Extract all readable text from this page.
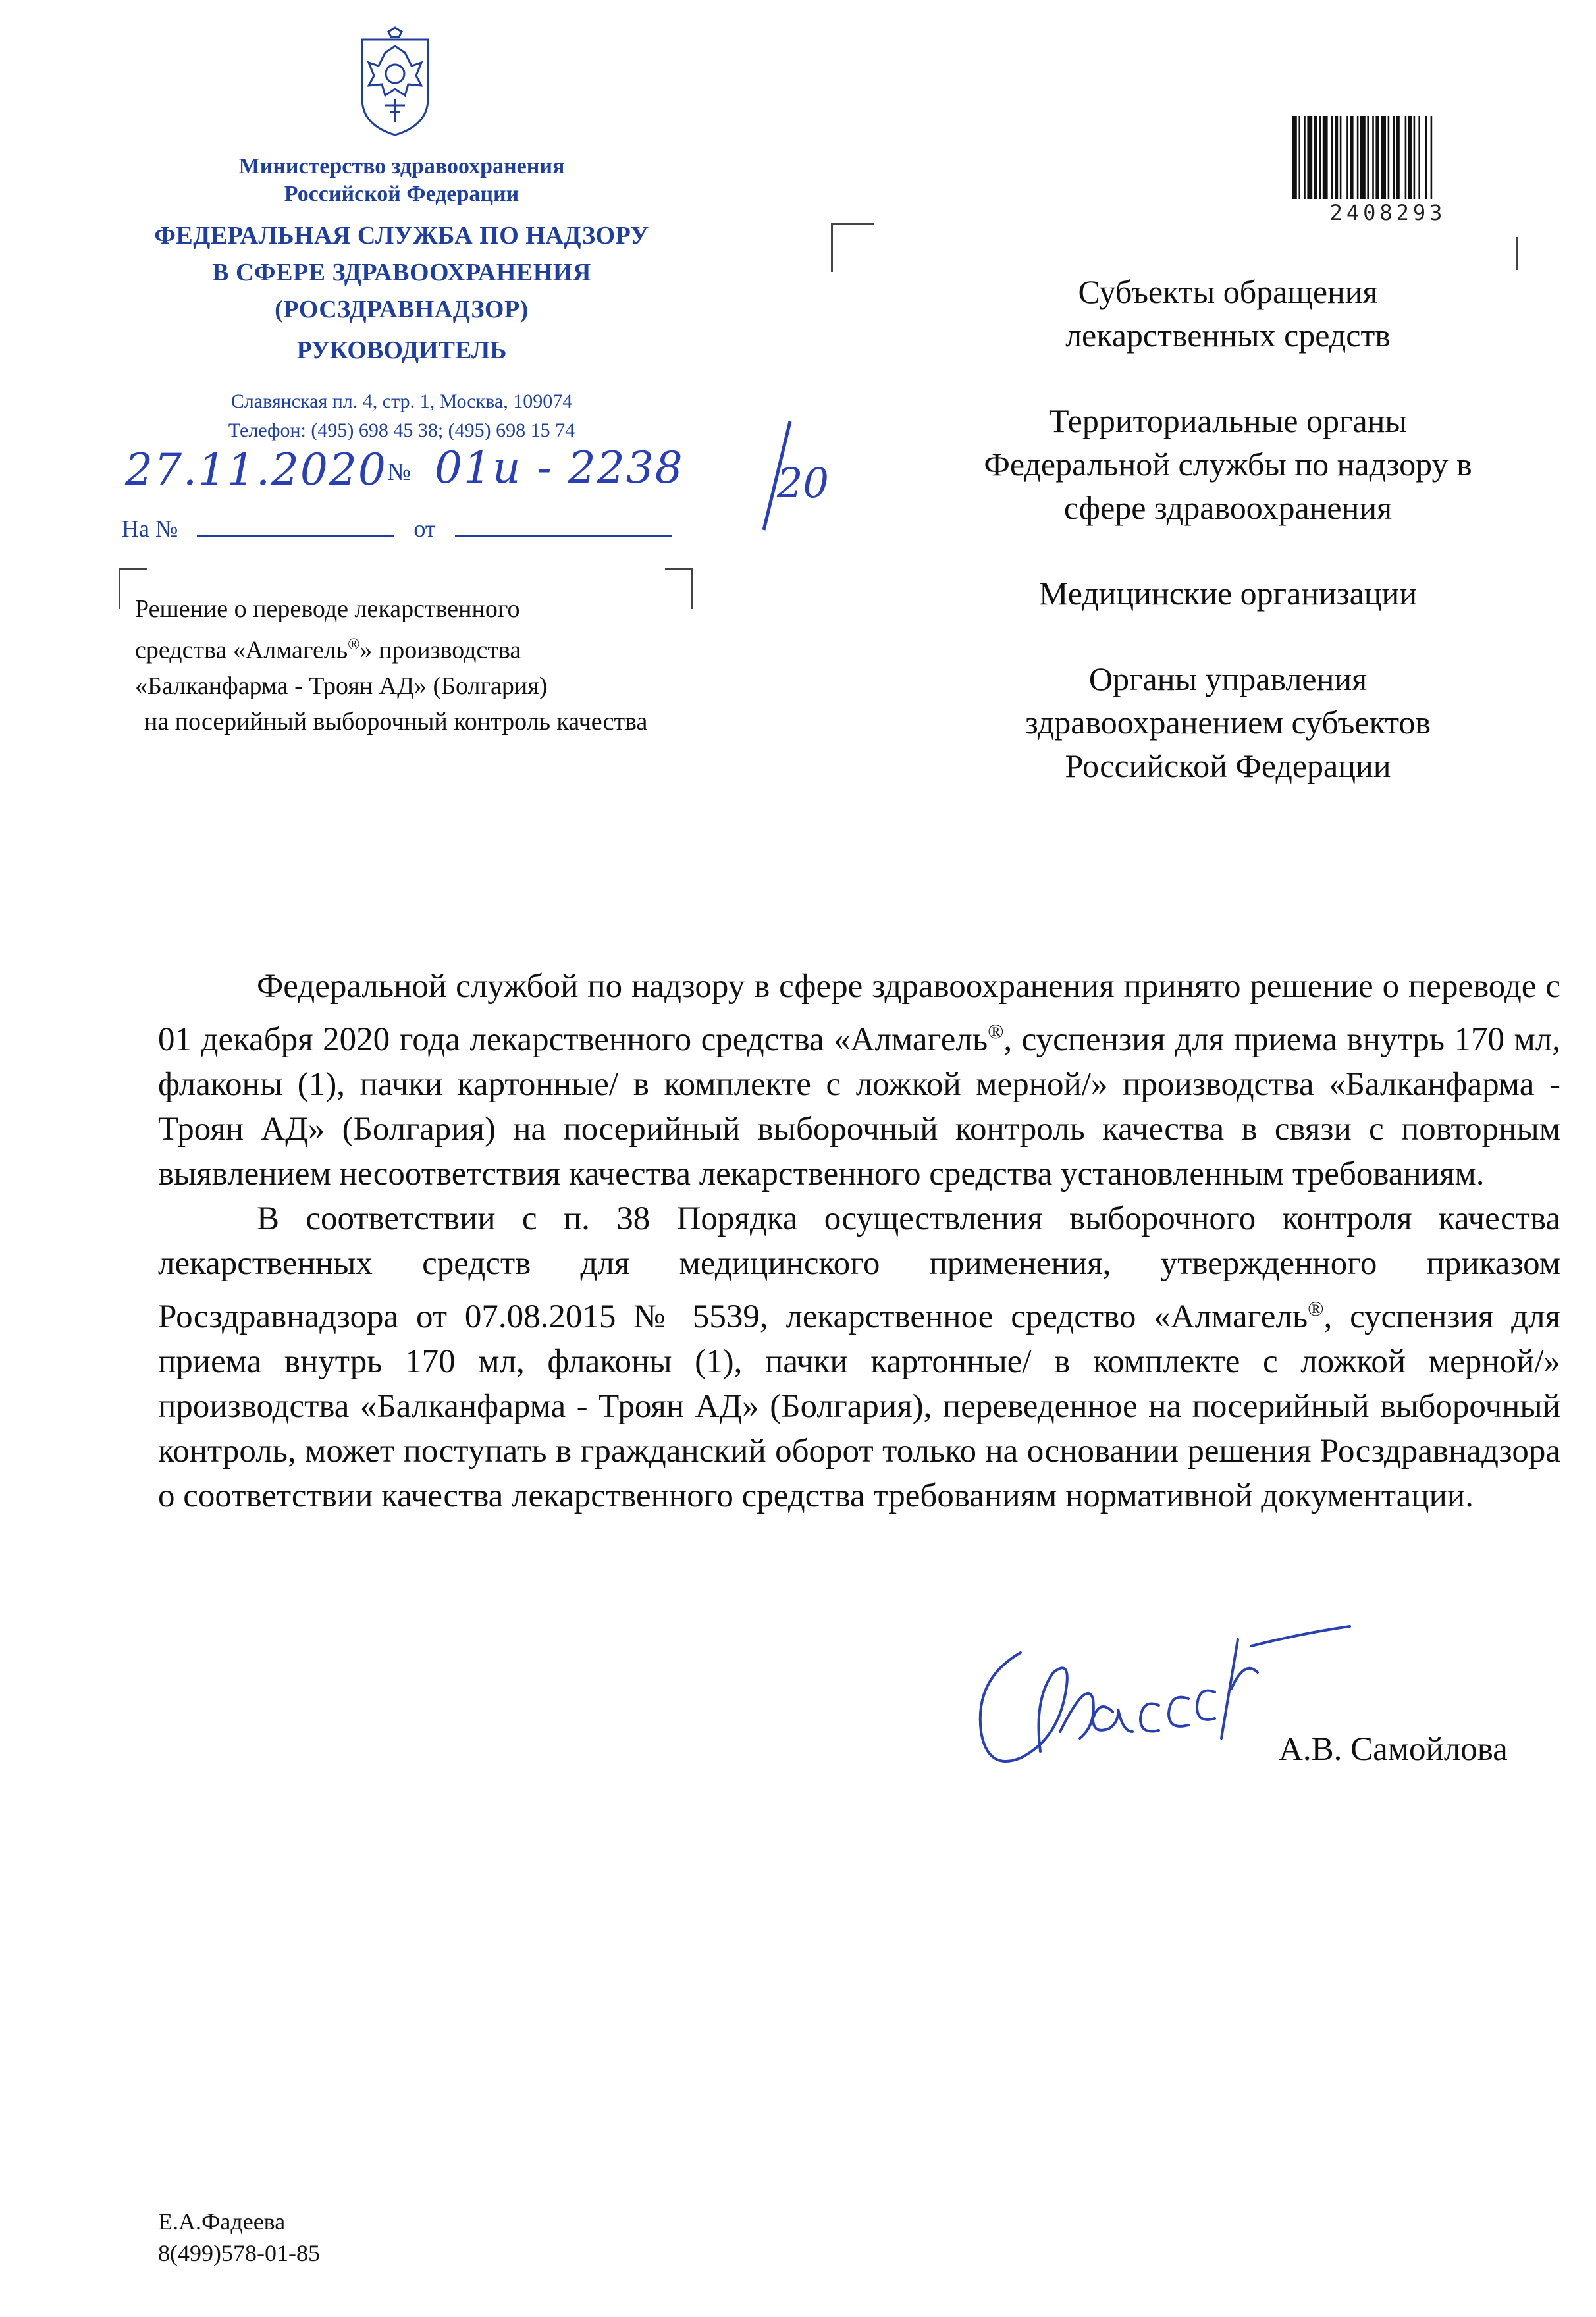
Министерство здравоохранения
Российской Федерации
ФЕДЕРАЛЬНАЯ СЛУЖБА ПО НАДЗОРУ
В СФЕРЕ ЗДРАВООХРАНЕНИЯ
(РОСЗДРАВНАДЗОР)
РУКОВОДИТЕЛЬ
Славянская пл. 4, стр. 1, Москва, 109074
Телефон: (495) 698 45 38; (495) 698 15 74
27.11.2020 № 01и - 2238 20
На №	от
Решение о переводе лекарственного
средства «Алмагель®» производства
«Балканфарма - Троян АД» (Болгария)
на посерийный выборочный контроль качества
2408293
Субъекты обращения
лекарственных средств
Территориальные органы
Федеральной службы по надзору в
сфере здравоохранения
Медицинские организации
Органы управления
здравоохранением субъектов
Российской Федерации

Федеральной службой по надзору в сфере здравоохранения принято решение о переводе с 01 декабря 2020 года лекарственного средства «Алмагель®, суспензия для приема внутрь 170 мл, флаконы (1), пачки картонные/ в комплекте с ложкой мерной/» производства «Балканфарма - Троян АД» (Болгария) на посерийный выборочный контроль качества в связи с повторным выявлением несоответствия качества лекарственного средства установленным требованиям.

В соответствии с п. 38 Порядка осуществления выборочного контроля качества лекарственных средств для медицинского применения, утвержденного приказом Росздравнадзора от 07.08.2015 № 5539, лекарственное средство «Алмагель®, суспензия для приема внутрь 170 мл, флаконы (1), пачки картонные/ в комплекте с ложкой мерной/» производства «Балканфарма - Троян АД» (Болгария), переведенное на посерийный выборочный контроль, может поступать в гражданский оборот только на основании решения Росздравнадзора о соответствии качества лекарственного средства требованиям нормативной документации.

А.В. Самойлова
Е.А.Фадеева
8(499)578-01-85
